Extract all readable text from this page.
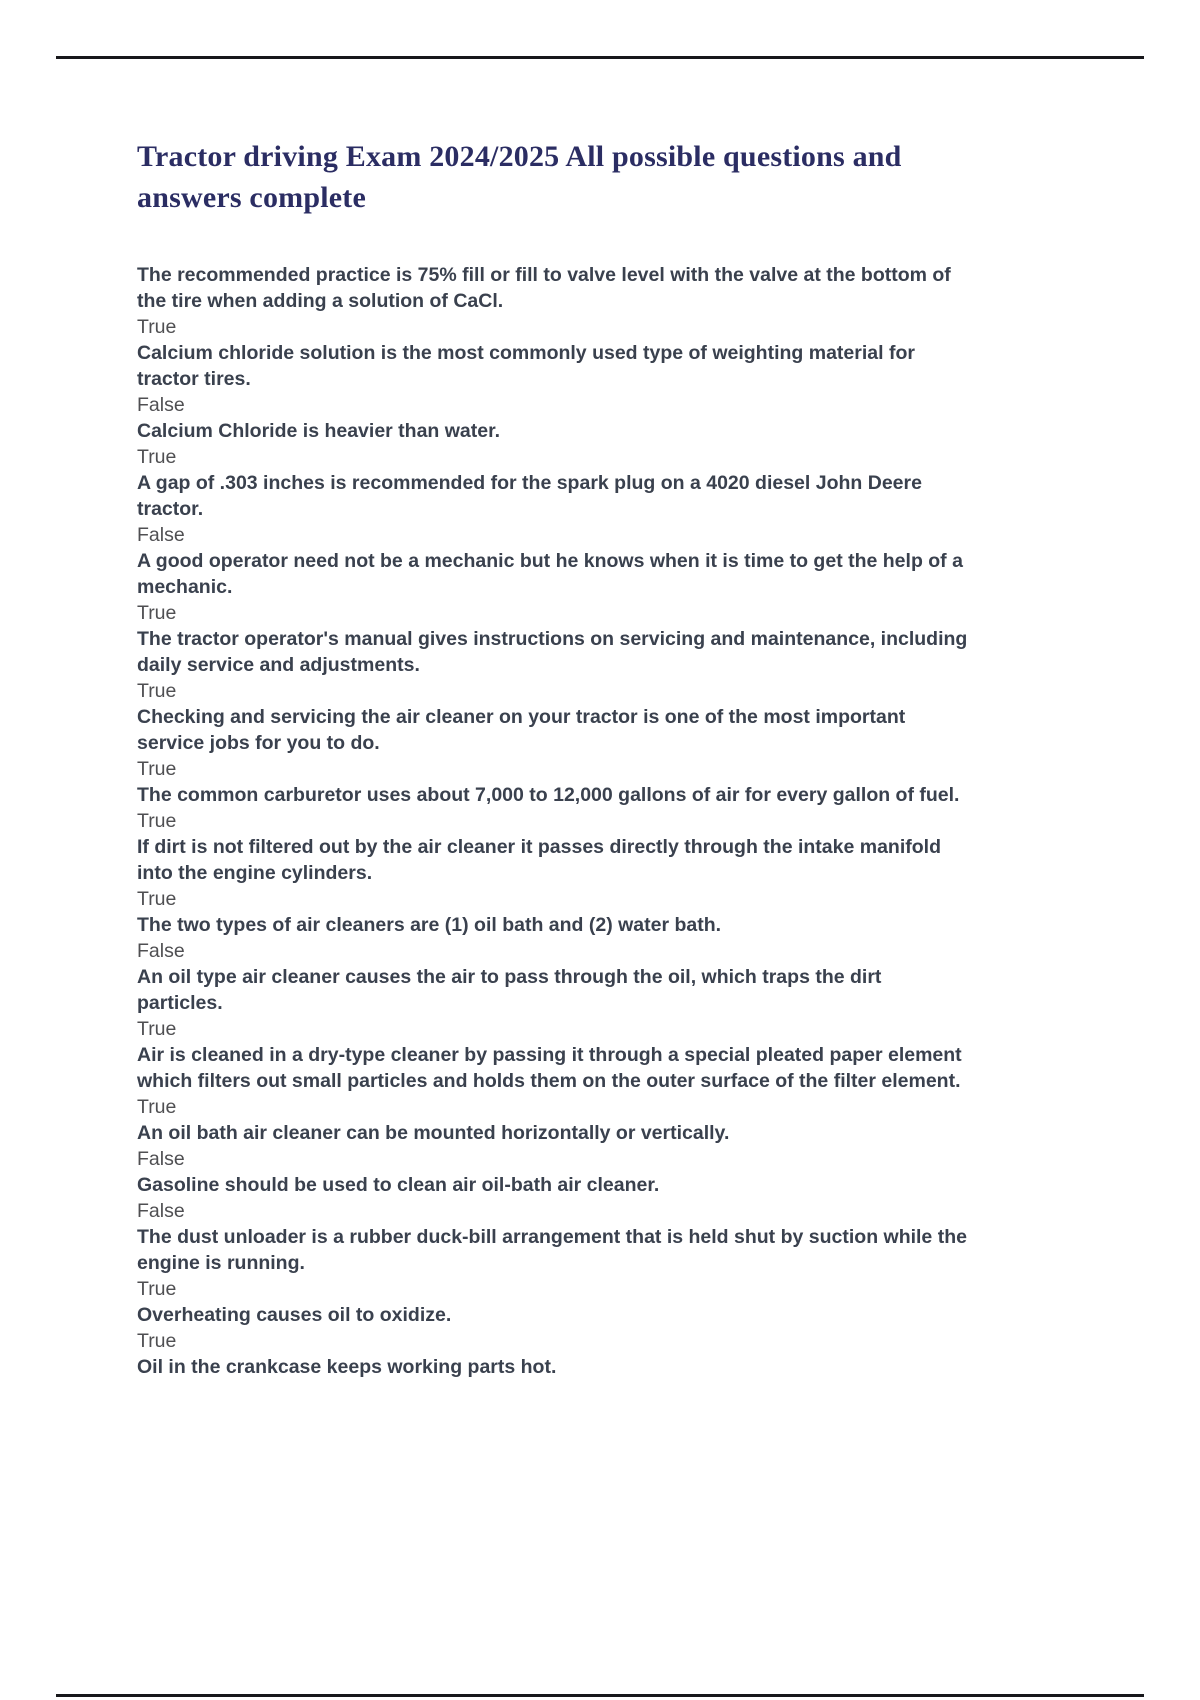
Tractor driving Exam 2024/2025 All possible questions and answers complete
The recommended practice is 75% fill or fill to valve level with the valve at the bottom of the tire when adding a solution of CaCl.
True
Calcium chloride solution is the most commonly used type of weighting material for tractor tires.
False
Calcium Chloride is heavier than water.
True
A gap of .303 inches is recommended for the spark plug on a 4020 diesel John Deere tractor.
False
A good operator need not be a mechanic but he knows when it is time to get the help of a mechanic.
True
The tractor operator's manual gives instructions on servicing and maintenance, including daily service and adjustments.
True
Checking and servicing the air cleaner on your tractor is one of the most important service jobs for you to do.
True
The common carburetor uses about 7,000 to 12,000 gallons of air for every gallon of fuel.
True
If dirt is not filtered out by the air cleaner it passes directly through the intake manifold into the engine cylinders.
True
The two types of air cleaners are (1) oil bath and (2) water bath.
False
An oil type air cleaner causes the air to pass through the oil, which traps the dirt particles.
True
Air is cleaned in a dry-type cleaner by passing it through a special pleated paper element which filters out small particles and holds them on the outer surface of the filter element.
True
An oil bath air cleaner can be mounted horizontally or vertically.
False
Gasoline should be used to clean air oil-bath air cleaner.
False
The dust unloader is a rubber duck-bill arrangement that is held shut by suction while the engine is running.
True
Overheating causes oil to oxidize.
True
Oil in the crankcase keeps working parts hot.
